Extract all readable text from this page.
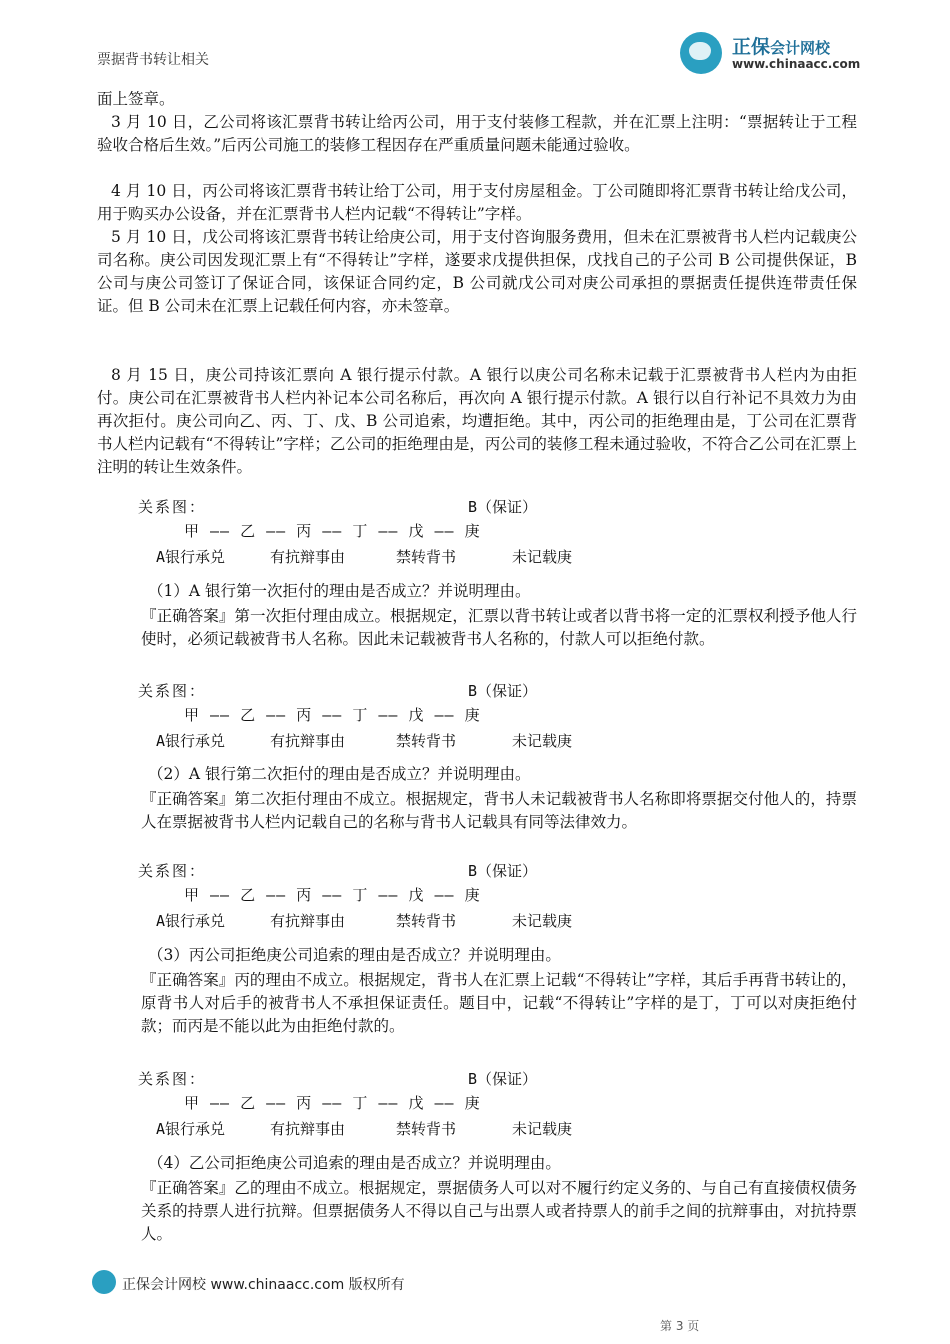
正保会计网校
www.chinaacc.com
票据背书转让相关

面上签章。

3 月 10 日，乙公司将该汇票背书转让给丙公司，用于支付装修工程款，并在汇票上注明：“票据转让于工程验收合格后生效。”后丙公司施工的装修工程因存在严重质量问题未能通过验收。

4 月 10 日，丙公司将该汇票背书转让给丁公司，用于支付房屋租金。丁公司随即将汇票背书转让给戊公司，用于购买办公设备，并在汇票背书人栏内记载“不得转让”字样。

5 月 10 日，戊公司将该汇票背书转让给庚公司，用于支付咨询服务费用，但未在汇票被背书人栏内记载庚公司名称。庚公司因发现汇票上有“不得转让”字样，遂要求戊提供担保，戊找自己的子公司 B 公司提供保证，B 公司与庚公司签订了保证合同，该保证合同约定，B 公司就戊公司对庚公司承担的票据责任提供连带责任保证。但 B 公司未在汇票上记载任何内容，亦未签章。

8 月 15 日，庚公司持该汇票向 A 银行提示付款。A 银行以庚公司名称未记载于汇票被背书人栏内为由拒付。庚公司在汇票被背书人栏内补记本公司名称后，再次向 A 银行提示付款。A 银行以自行补记不具效力为由再次拒付。庚公司向乙、丙、丁、戊、B 公司追索，均遭拒绝。其中，丙公司的拒绝理由是，丁公司在汇票背书人栏内记载有“不得转让”字样；乙公司的拒绝理由是，丙公司的装修工程未通过验收，不符合乙公司在汇票上注明的转让生效条件。

关系图：	B（保证）
甲 —— 乙 —— 丙 —— 丁 —— 戊 —— 庚
A银行承兑	有抗辩事由	禁转背书	未记载庚

（1）A 银行第一次拒付的理由是否成立？并说明理由。

『正确答案』第一次拒付理由成立。根据规定，汇票以背书转让或者以背书将一定的汇票权利授予他人行使时，必须记载被背书人名称。因此未记载被背书人名称的，付款人可以拒绝付款。

关系图：	B（保证）
甲 —— 乙 —— 丙 —— 丁 —— 戊 —— 庚
A银行承兑	有抗辩事由	禁转背书	未记载庚

（2）A 银行第二次拒付的理由是否成立？并说明理由。

『正确答案』第二次拒付理由不成立。根据规定，背书人未记载被背书人名称即将票据交付他人的，持票人在票据被背书人栏内记载自己的名称与背书人记载具有同等法律效力。

关系图：	B（保证）
甲 —— 乙 —— 丙 —— 丁 —— 戊 —— 庚
A银行承兑	有抗辩事由	禁转背书	未记载庚

（3）丙公司拒绝庚公司追索的理由是否成立？并说明理由。

『正确答案』丙的理由不成立。根据规定，背书人在汇票上记载“不得转让”字样，其后手再背书转让的，原背书人对后手的被背书人不承担保证责任。题目中，记载“不得转让”字样的是丁，丁可以对庚拒绝付款；而丙是不能以此为由拒绝付款的。

关系图：	B（保证）
甲 —— 乙 —— 丙 —— 丁 —— 戊 —— 庚
A银行承兑	有抗辩事由	禁转背书	未记载庚

（4）乙公司拒绝庚公司追索的理由是否成立？并说明理由。

『正确答案』乙的理由不成立。根据规定，票据债务人可以对不履行约定义务的、与自己有直接债权债务关系的持票人进行抗辩。但票据债务人不得以自己与出票人或者持票人的前手之间的抗辩事由，对抗持票人。

正保会计网校 www.chinaacc.com 版权所有
第 3 页
